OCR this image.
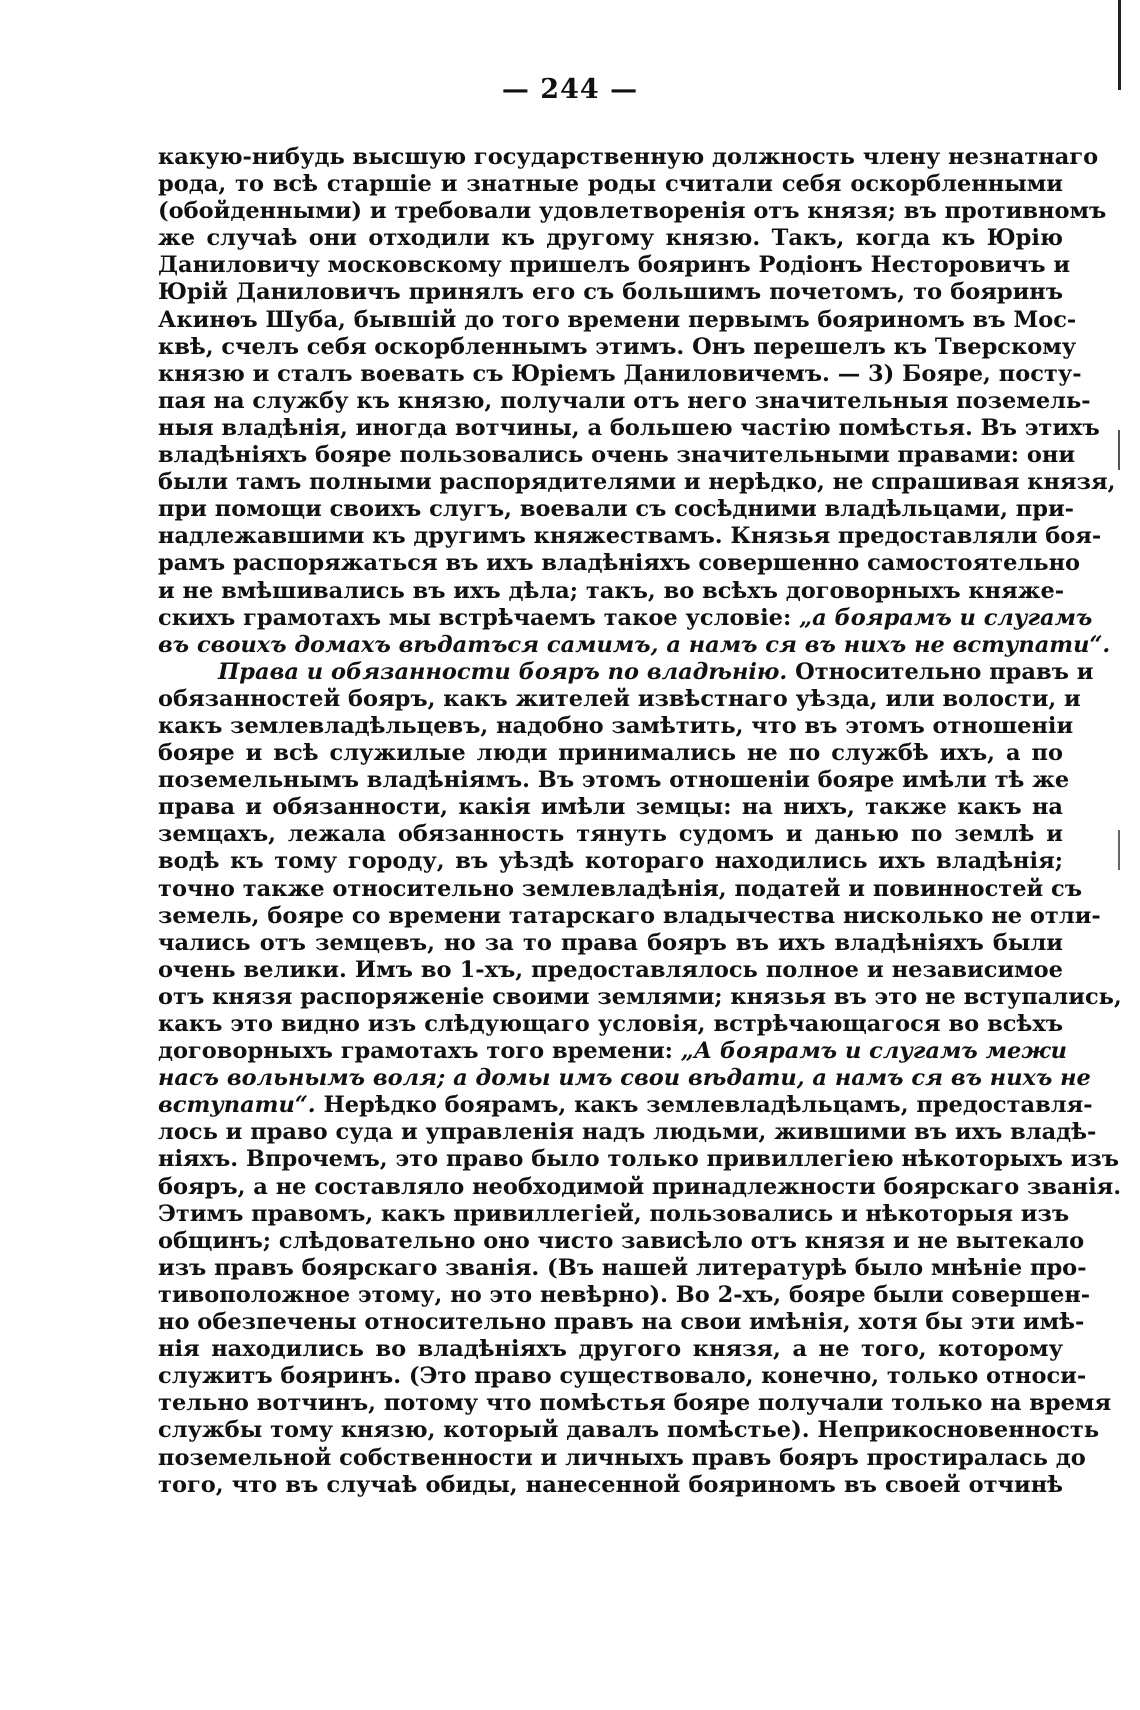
— 244 —
какую-нибудь высшую государственную должность члену незнатнаго
рода, то всѣ старшіе и знатные роды считали себя оскорбленными
(обойденными) и требовали удовлетворенія отъ князя; въ противномъ
же случаѣ они отходили къ другому князю. Такъ, когда къ Юрію
Даниловичу московскому пришелъ бояринъ Родіонъ Несторовичъ и
Юрій Даниловичъ принялъ его съ большимъ почетомъ, то бояринъ
Акинѳъ Шуба, бывшій до того времени первымъ бояриномъ въ Мос-
квѣ, счелъ себя оскорбленнымъ этимъ. Онъ перешелъ къ Тверскому
князю и сталъ воевать съ Юріемъ Даниловичемъ. — 3) Бояре, посту-
пая на службу къ князю, получали отъ него значительныя поземель-
ныя владѣнія, иногда вотчины, а большею частію помѣстья. Въ этихъ
владѣніяхъ бояре пользовались очень значительными правами: они
были тамъ полными распорядителями и нерѣдко, не спрашивая князя,
при помощи своихъ слугъ, воевали съ сосѣдними владѣльцами, при-
надлежавшими къ другимъ княжествамъ. Князья предоставляли боя-
рамъ распоряжаться въ ихъ владѣніяхъ совершенно самостоятельно
и не вмѣшивались въ ихъ дѣла; такъ, во всѣхъ договорныхъ княже-
скихъ грамотахъ мы встрѣчаемъ такое условіе: „а боярамъ и слугамъ
въ своихъ домахъ вѣдатъся самимъ, а намъ ся въ нихъ не вступати“.
Права и обязанности бояръ по владѣнію. Относительно правъ и
обязанностей бояръ, какъ жителей извѣстнаго уѣзда, или волости, и
какъ землевладѣльцевъ, надобно замѣтить, что въ этомъ отношеніи
бояре и всѣ служилые люди принимались не по службѣ ихъ, а по
поземельнымъ владѣніямъ. Въ этомъ отношеніи бояре имѣли тѣ же
права и обязанности, какія имѣли земцы: на нихъ, также какъ на
земцахъ, лежала обязанность тянуть судомъ и данью по землѣ и
водѣ къ тому городу, въ уѣздѣ котораго находились ихъ владѣнія;
точно также относительно землевладѣнія, податей и повинностей съ
земель, бояре со времени татарскаго владычества нисколько не отли-
чались отъ земцевъ, но за то права бояръ въ ихъ владѣніяхъ были
очень велики. Имъ во 1-хъ, предоставлялось полное и независимое
отъ князя распоряженіе своими землями; князья въ это не вступались,
какъ это видно изъ слѣдующаго условія, встрѣчающагося во всѣхъ
договорныхъ грамотахъ того времени: „А боярамъ и слугамъ межи
насъ вольнымъ воля; а домы имъ свои вѣдати, а намъ ся въ нихъ не
вступати“. Нерѣдко боярамъ, какъ землевладѣльцамъ, предоставля-
лось и право суда и управленія надъ людьми, жившими въ ихъ владѣ-
ніяхъ. Впрочемъ, это право было только привиллегіею нѣкоторыхъ изъ
бояръ, а не составляло необходимой принадлежности боярскаго званія.
Этимъ правомъ, какъ привиллегіей, пользовались и нѣкоторыя изъ
общинъ; слѣдовательно оно чисто зависѣло отъ князя и не вытекало
изъ правъ боярскаго званія. (Въ нашей литературѣ было мнѣніе про-
тивоположное этому, но это невѣрно). Во 2-хъ, бояре были совершен-
но обезпечены относительно правъ на свои имѣнія, хотя бы эти имѣ-
нія находились во владѣніяхъ другого князя, а не того, которому
служитъ бояринъ. (Это право существовало, конечно, только относи-
тельно вотчинъ, потому что помѣстья бояре получали только на время
службы тому князю, который давалъ помѣстье). Неприкосновенность
поземельной собственности и личныхъ правъ бояръ простиралась до
того, что въ случаѣ обиды, нанесенной бояриномъ въ своей отчинѣ
